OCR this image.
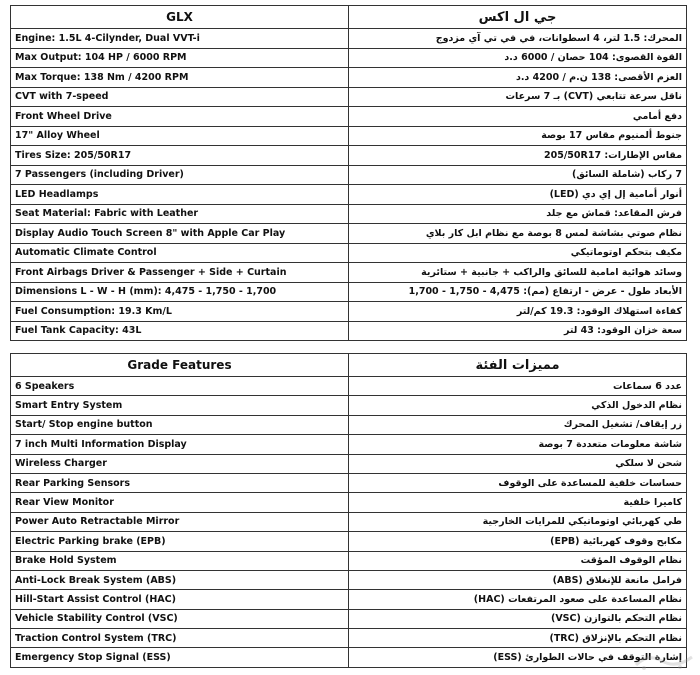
GLX	جي ال اكس
Engine: 1.5L 4-Cilynder, Dual VVT-i	المحرك: 1.5 لتر، 4 اسطوانات، في في تي آي مزدوج
Max Output: 104 HP / 6000 RPM	القوة القصوى: 104 حصان / 6000 د.د
Max Torque: 138 Nm / 4200 RPM	العزم الأقصى: 138 ن.م / 4200 د.د
CVT with 7-speed	ناقل سرعة تتابعي (CVT) بـ 7 سرعات
Front Wheel Drive	دفع أمامي
17" Alloy Wheel	جنوط ألمنيوم مقاس 17 بوصة
Tires Size: 205/50R17	مقاس الإطارات: 205/50R17
7 Passengers (including Driver)	7 ركاب (شاملة السائق)
LED Headlamps	أنوار أمامية إل إي دي (LED)
Seat Material: Fabric with Leather	فرش المقاعد: قماش مع جلد
Display Audio Touch Screen 8" with Apple Car Play	نظام صوتي بشاشة لمس 8 بوصة مع نظام ابل كار بلاي
Automatic Climate Control	مكيف بتحكم اوتوماتيكي
Front Airbags Driver & Passenger + Side + Curtain	وسائد هوائية امامية للسائق والراكب + جانبية + ستائرية
Dimensions L - W - H (mm): 4,475 - 1,750 - 1,700	الأبعاد طول - عرض - ارتفاع (مم): 4,475 - 1,750 - 1,700
Fuel Consumption: 19.3 Km/L	كفاءة استهلاك الوقود: 19.3 كم/لتر
Fuel Tank Capacity: 43L	سعة خزان الوقود: 43 لتر
Grade Features	مميزات الفئة
6 Speakers	عدد 6 سماعات
Smart Entry System	نظام الدخول الذكي
Start/ Stop engine button	زر إيقاف/ تشغيل المحرك
7 inch Multi Information Display	شاشة معلومات متعددة 7 بوصة
Wireless Charger	شحن لا سلكي
Rear Parking Sensors	حساسات خلفية للمساعدة على الوقوف
Rear View Monitor	كاميرا خلفية
Power Auto Retractable Mirror	طي كهربائي اوتوماتيكي للمرايات الخارجية
Electric Parking brake (EPB)	مكابح وقوف كهربائية (EPB)
Brake Hold System	نظام الوقوف المؤقت
Anti-Lock Break System (ABS)	فرامل مانعة للإنغلاق (ABS)
Hill-Start Assist Control (HAC)	نظام المساعدة على صعود المرتفعات (HAC)
Vehicle Stability Control (VSC)	نظام التحكم بالتوازن (VSC)
Traction Control System (TRC)	نظام التحكم بالإنزلاق (TRC)
Emergency Stop Signal (ESS)	إشارة التوقف في حالات الطوارئ (ESS)
